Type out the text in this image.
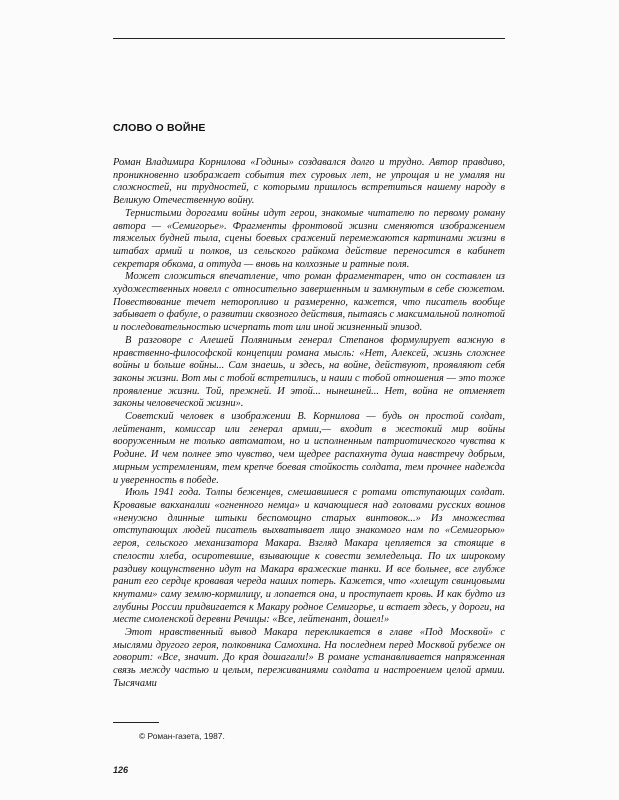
СЛОВО О ВОЙНЕ

Роман Владимира Корнилова «Годины» создавался долго и трудно. Автор правдиво, проникновенно изображает события тех суровых лет, не упрощая и не умаляя ни сложностей, ни трудностей, с которыми пришлось встретиться нашему народу в Великую Отечественную войну.

Тернистыми дорогами войны идут герои, знакомые читателю по первому роману автора — «Семигорье». Фрагменты фронтовой жизни сменяются изображением тяжелых будней тыла, сцены боевых сражений перемежаются картинами жизни в штабах армий и полков, из сельского райкома действие переносится в кабинет секретаря обкома, а оттуда — вновь на колхозные и ратные поля.

Может сложиться впечатление, что роман фрагментарен, что он составлен из художественных новелл с относительно завершенным и замкнутым в себе сюжетом. Повествование течет неторопливо и размеренно, кажется, что писатель вообще забывает о фабуле, о развитии сквозного действия, пытаясь с максимальной полнотой и последовательностью исчерпать тот или иной жизненный эпизод.

В разговоре с Алешей Поляниным генерал Степанов формулирует важную в нравственно-философской концепции романа мысль: «Нет, Алексей, жизнь сложнее войны и больше войны... Сам знаешь, и здесь, на войне, действуют, проявляют себя законы жизни. Вот мы с тобой встретились, и наши с тобой отношения — это тоже проявление жизни. Той, прежней. И этой... нынешней... Нет, война не отменяет законы человеческой жизни».

Советский человек в изображении В. Корнилова — будь он простой солдат, лейтенант, комиссар или генерал армии,— входит в жестокий мир войны вооруженным не только автоматом, но и исполненным патриотического чувства к Родине. И чем полнее это чувство, чем щедрее распахнута душа навстречу добрым, мирным устремлениям, тем крепче боевая стойкость солдата, тем прочнее надежда и уверенность в победе.

Июль 1941 года. Толпы беженцев, смешавшиеся с ротами отступающих солдат. Кровавые вакханалии «огненного немца» и качающиеся над головами русских воинов «ненужно длинные штыки беспомощно старых винтовок...» Из множества отступающих людей писатель выхватывает лицо знакомого нам по «Семигорью» героя, сельского механизатора Макара. Взгляд Макара цепляется за стоящие в спелости хлеба, осиротевшие, взывающие к совести земледельца. По их широкому раздиву кощунственно идут на Макара вражеские танки. И все больнее, все глубже ранит его сердце кровавая череда наших потерь. Кажется, что «хлещут свинцовыми кнутами» саму землю-кормилицу, и лопается она, и проступает кровь. И как будто из глубины России придвигается к Макару родное Семигорье, и встает здесь, у дороги, на месте смоленской деревни Речицы: «Все, лейтенант, дошел!»

Этот нравственный вывод Макара перекликается в главе «Под Москвой» с мыслями другого героя, полковника Самохина. На последнем перед Москвой рубеже он говорит: «Все, значит. До края дошагали!» В романе устанавливается напряженная связь между частью и целым, переживаниями солдата и настроением целой армии. Тысячами

© Роман-газета, 1987.
126
